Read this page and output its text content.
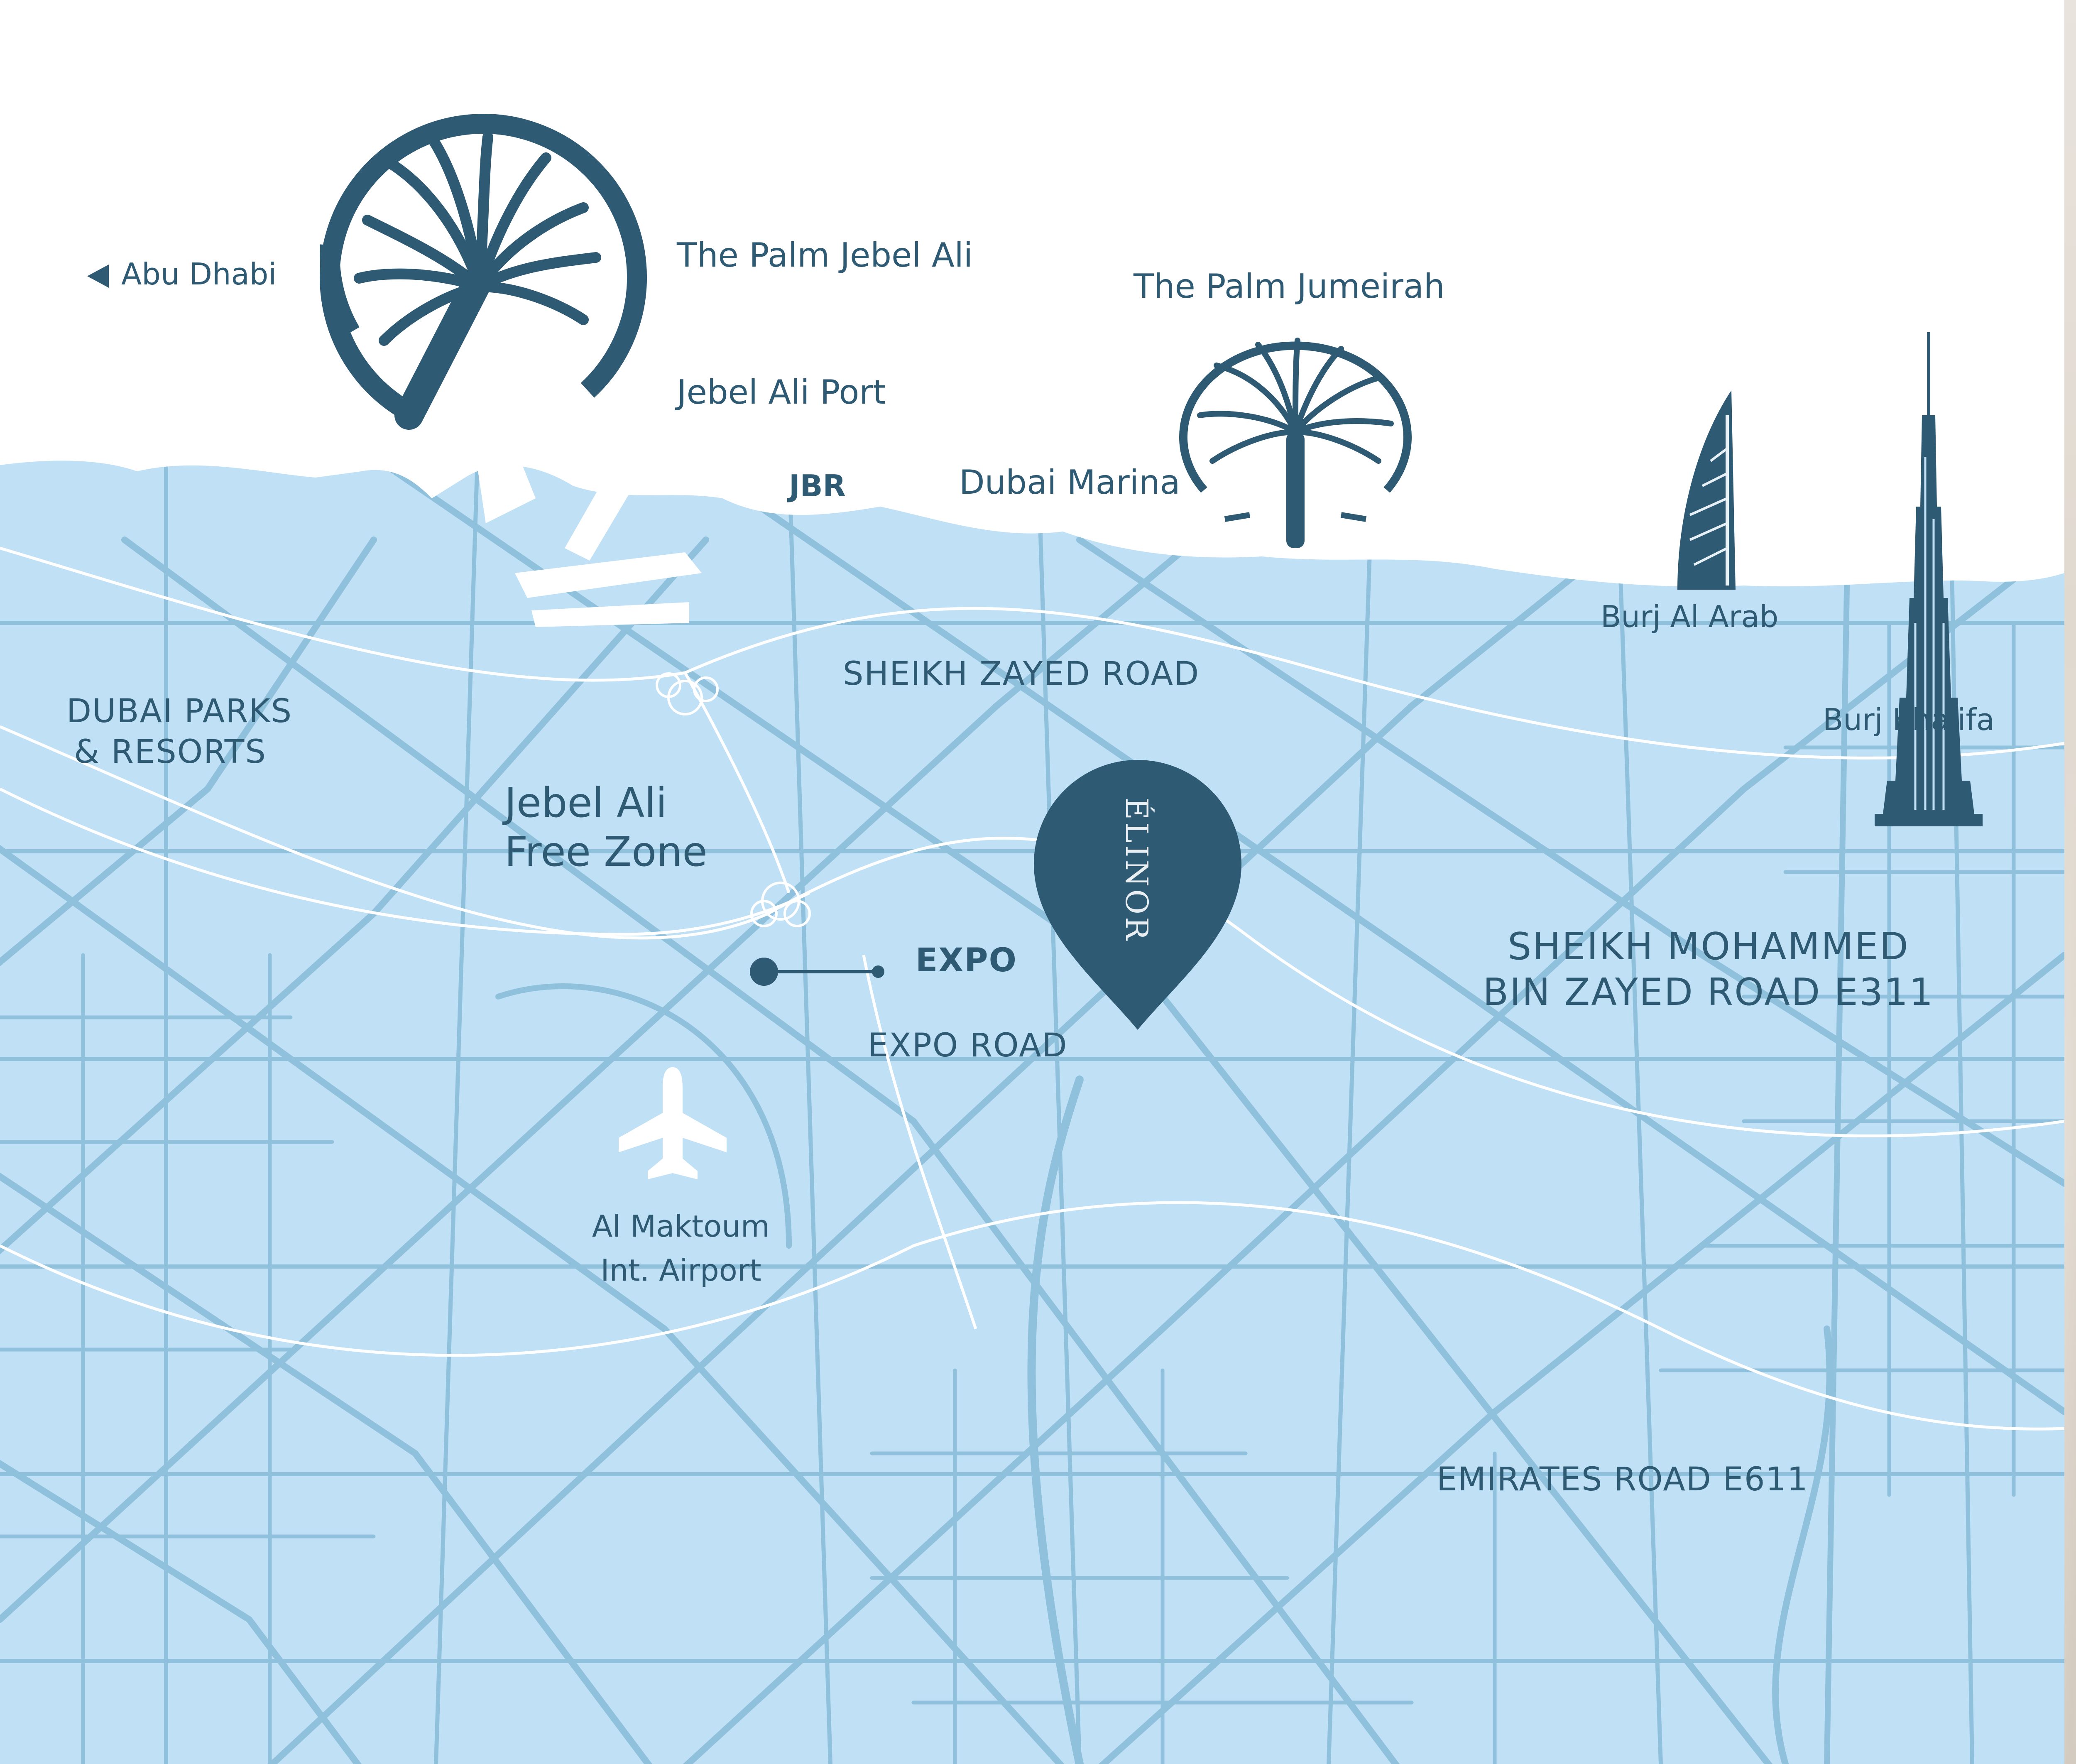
ÉLINOR
Abu Dhabi	The Palm Jebel Ali
The Palm Jumeirah
Jebel Ali Port
JBR	Dubai Marina
Burj Al Arab
Burj Khalifa
DUBAI PARKS
& RESORTS
SHEIKH ZAYED ROAD
Jebel Ali
Free Zone
EXPO
EXPO ROAD
SHEIKH MOHAMMED
BIN ZAYED ROAD E311
Al Maktoum
Int. Airport
EMIRATES ROAD E611
